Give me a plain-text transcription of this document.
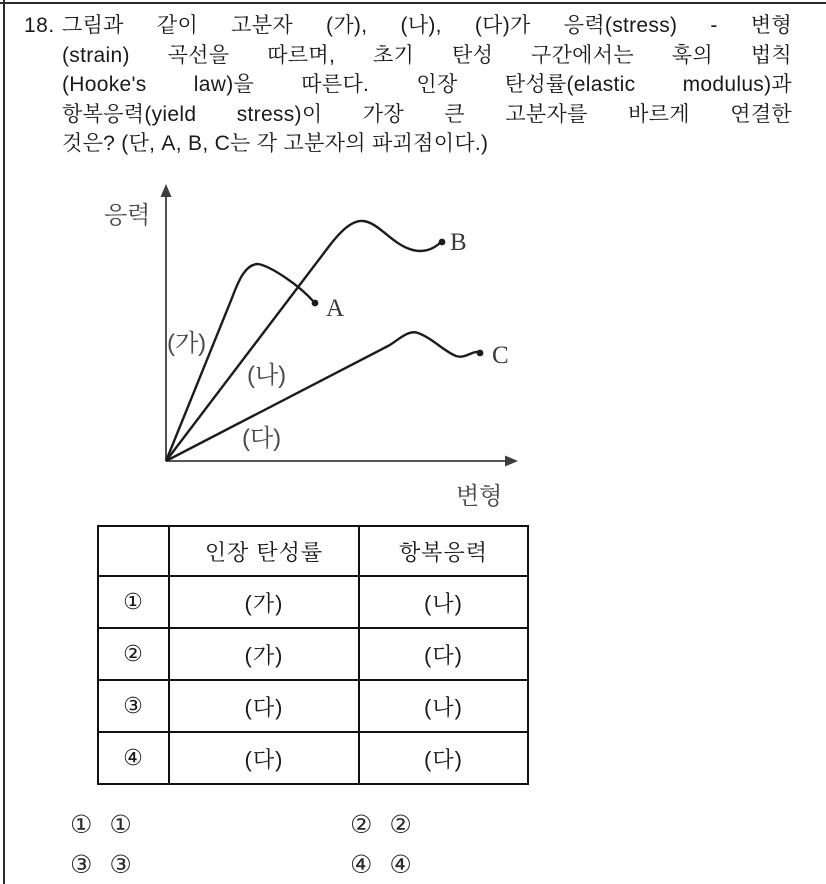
18. 그림과 같이 고분자 (가), (나), (다)가 응력(stress) - 변형
(strain) 곡선을 따르며, 초기 탄성 구간에서는 훅의 법칙
(Hooke's law)을 따른다. 인장 탄성률(elastic modulus)과
항복응력(yield stress)이 가장 큰 고분자를 바르게 연결한
것은? (단, A, B, C는 각 고분자의 파괴점이다.)
응력
변형
(가)
(나)
(다)
A
B
C
	인장 탄성률	항복응력
①	(가)	(나)
②	(가)	(다)
③	(다)	(나)
④	(다)	(다)
① ①	② ②
③ ③	④ ④
